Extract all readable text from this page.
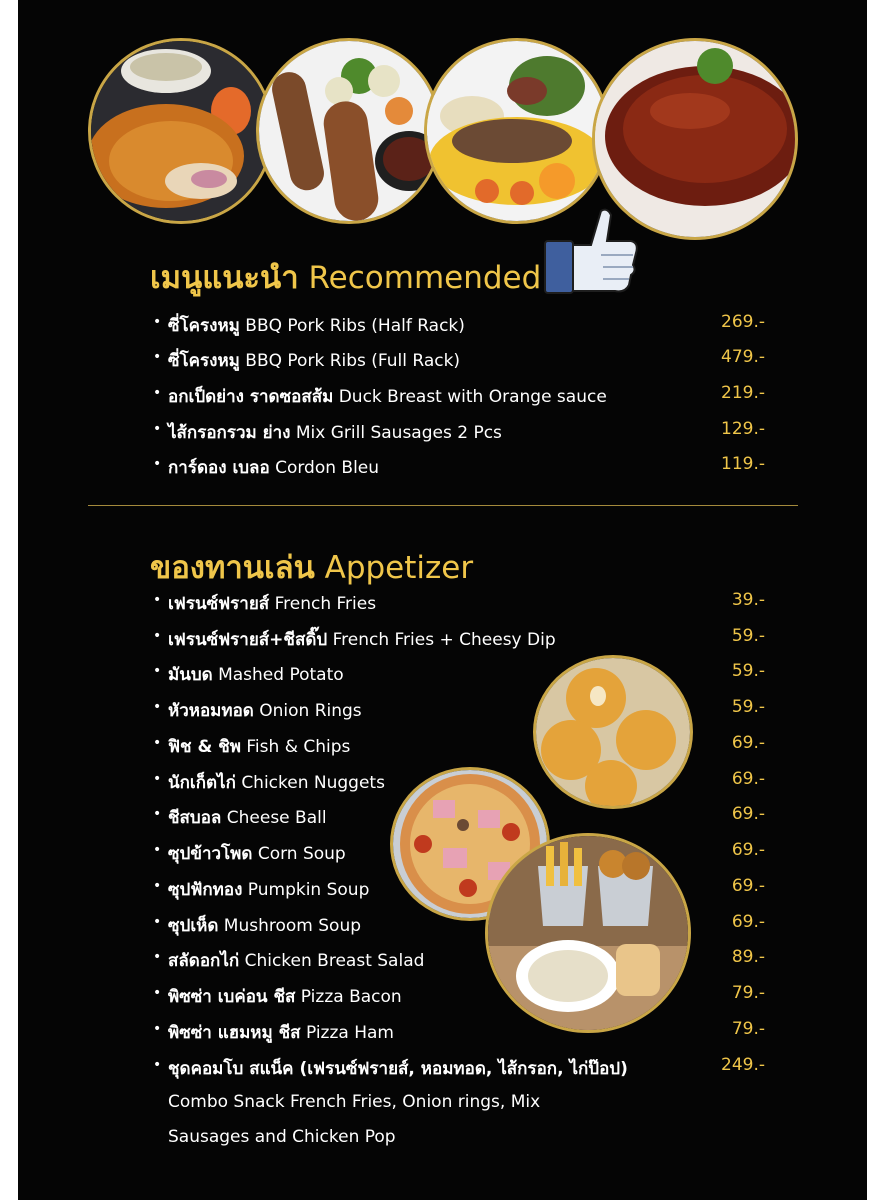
เมนูแนะนำ Recommended
• ซี่โครงหมู BBQ Pork Ribs (Half Rack)	269.-
• ซี่โครงหมู BBQ Pork Ribs (Full Rack)	479.-
• อกเป็ดย่าง ราดซอสส้ม Duck Breast with Orange sauce	219.-
• ไส้กรอกรวม ย่าง Mix Grill Sausages 2 Pcs	129.-
• การ์ดอง เบลอ Cordon Bleu	119.-
ของทานเล่น Appetizer
• เฟรนซ์ฟรายส์ French Fries	39.-
• เฟรนซ์ฟรายส์+ชีสดิ๊ป French Fries + Cheesy Dip	59.-
• มันบด Mashed Potato	59.-
• หัวหอมทอด Onion Rings	59.-
• ฟิช & ชิพ Fish & Chips	69.-
• นักเก็ตไก่ Chicken Nuggets	69.-
• ชีสบอล Cheese Ball	69.-
• ซุปข้าวโพด Corn Soup	69.-
• ซุปฟักทอง Pumpkin Soup	69.-
• ซุปเห็ด Mushroom Soup	69.-
• สลัดอกไก่ Chicken Breast Salad	89.-
• พิซซ่า เบค่อน ชีส Pizza Bacon	79.-
• พิซซ่า แฮมหมู ชีส Pizza Ham	79.-
• ชุดคอมโบ สแน็ค (เฟรนซ์ฟรายส์, หอมทอด, ไส้กรอก, ไก่ป๊อป)	249.-
Combo Snack French Fries, Onion rings, Mix
Sausages and Chicken Pop
